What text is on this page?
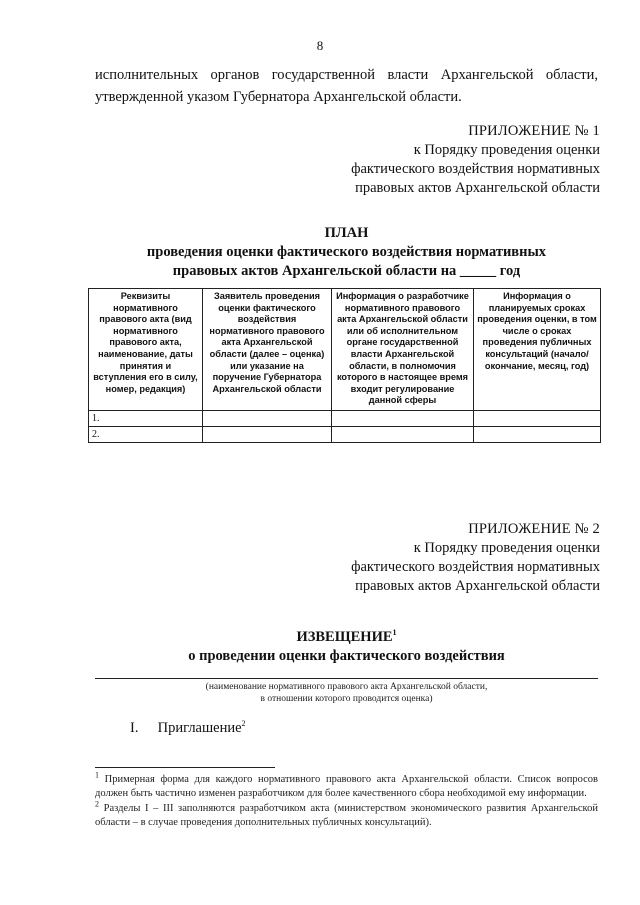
8
исполнительных органов государственной власти Архангельской области,
утвержденной указом Губернатора Архангельской области.
ПРИЛОЖЕНИЕ № 1
к Порядку проведения оценки
фактического воздействия нормативных
правовых актов Архангельской области
ПЛАН
проведения оценки фактического воздействия нормативных
правовых актов Архангельской области на _____ год
Реквизиты нормативного правового акта (вид нормативного правового акта, наименование, даты принятия и вступления его в силу, номер, редакция)	Заявитель проведения оценки фактического воздействия нормативного правового акта Архангельской области (далее – оценка) или указание на поручение Губернатора Архангельской области	Информация о разработчике нормативного правового акта Архангельской области или об исполнительном органе государственной власти Архангельской области, в полномочия которого в настоящее время входит регулирование данной сферы	Информация о планируемых сроках проведения оценки, в том числе о сроках проведения публичных консультаций (начало/окончание, месяц, год)
1.			
2.			
ПРИЛОЖЕНИЕ № 2
к Порядку проведения оценки
фактического воздействия нормативных
правовых актов Архангельской области
ИЗВЕЩЕНИЕ$^1$
о проведении оценки фактического воздействия
(наименование нормативного правового акта Архангельской области,
в отношении которого проводится оценка)
I. Приглашение$^2$

$^1$ Примерная форма для каждого нормативного правового акта Архангельской области. Список вопросов должен быть частично изменен разработчиком для более качественного сбора необходимой ему информации.

$^2$ Разделы I – III заполняются разработчиком акта (министерством экономического развития Архангельской области – в случае проведения дополнительных публичных консультаций).
